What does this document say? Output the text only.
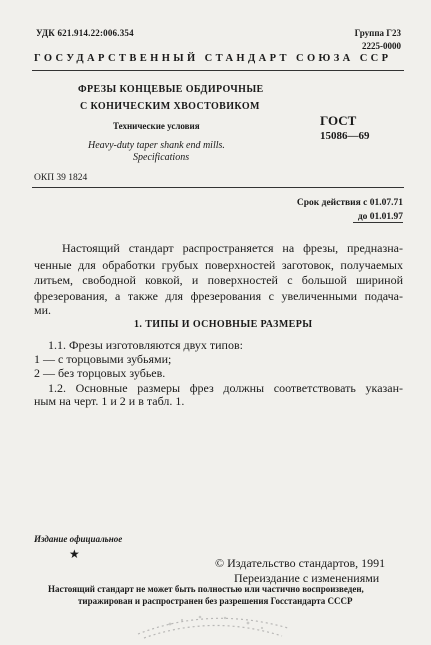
УДК 621.914.22:006.354	Группа Г23
2225-0000
ГОСУДАРСТВЕННЫЙ СТАНДАРТ СОЮЗА ССР
ФРЕЗЫ КОНЦЕВЫЕ ОБДИРОЧНЫЕ
С КОНИЧЕСКИМ ХВОСТОВИКОМ
Технические условия
Heavy-duty taper shank end mills.
Specifications
ГОСТ
15086—69
ОКП 39 1824
Срок действия с 01.07.71
до 01.01.97
Настоящий стандарт распространяется на фрезы, предназна-
ченные для обработки грубых поверхностей заготовок, получаемых
литьем, свободной ковкой, и поверхностей с большой шириной
фрезерования, а также для фрезерования с увеличенными подача-
ми.
1. ТИПЫ И ОСНОВНЫЕ РАЗМЕРЫ
1.1. Фрезы изготовляются двух типов:
1 — с торцовыми зубьями;
2 — без торцовых зубьев.
1.2. Основные размеры фрез должны соответствовать указан-
ным на черт. 1 и 2 и в табл. 1.
Издание официальное
★
© Издательство стандартов, 1991
Переиздание с изменениями
Настоящий стандарт не может быть полностью или частично воспроизведен,
тиражирован и распространен без разрешения Госстандарта СССР
